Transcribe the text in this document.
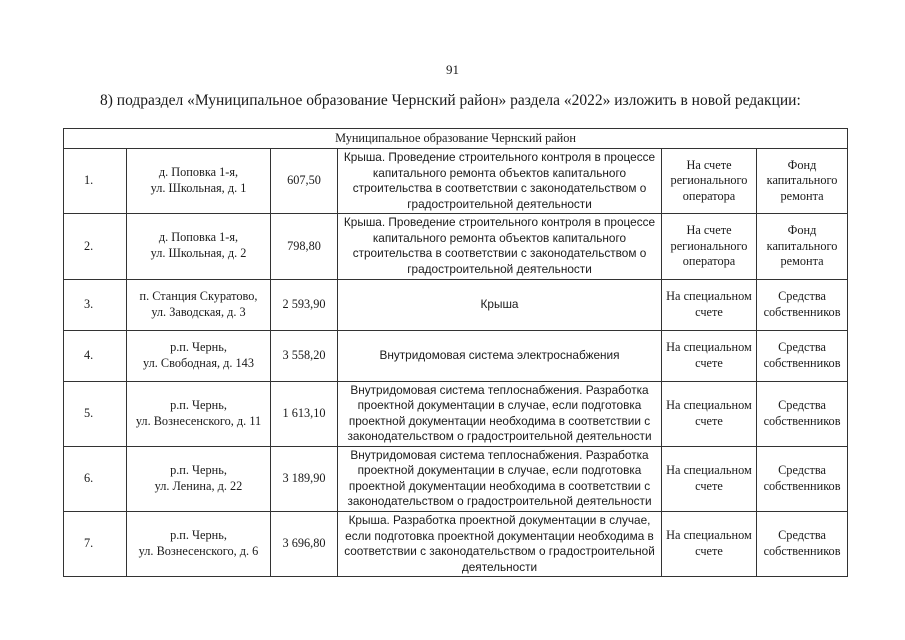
91
8) подраздел «Муниципальное образование Чернский район» раздела «2022» изложить в новой редакции:
Муниципальное образование Чернский район					
1.	д. Поповка 1-я,
ул. Школьная, д. 1	607,50	Крыша. Проведение строительного контроля в процессе капитального ремонта объектов капитального строительства в соответствии с законодательством о градостроительной деятельности	На счете регионального оператора	Фонд капитального ремонта
2.	д. Поповка 1-я,
ул. Школьная, д. 2	798,80	Крыша. Проведение строительного контроля в процессе капитального ремонта объектов капитального строительства в соответствии с законодательством о градостроительной деятельности	На счете регионального оператора	Фонд капитального ремонта
3.	п. Станция Скуратово,
ул. Заводская, д. 3	2 593,90	Крыша	На специальном счете	Средства собственников
4.	р.п. Чернь,
ул. Свободная, д. 143	3 558,20	Внутридомовая система электроснабжения	На специальном счете	Средства собственников
5.	р.п. Чернь,
ул. Вознесенского, д. 11	1 613,10	Внутридомовая система теплоснабжения. Разработка проектной документации в случае, если подготовка проектной документации необходима в соответствии с законодательством о градостроительной деятельности	На специальном счете	Средства собственников
6.	р.п. Чернь,
ул. Ленина, д. 22	3 189,90	Внутридомовая система теплоснабжения. Разработка проектной документации в случае, если подготовка проектной документации необходима в соответствии с законодательством о градостроительной деятельности	На специальном счете	Средства собственников
7.	р.п. Чернь,
ул. Вознесенского, д. 6	3 696,80	Крыша. Разработка проектной документации в случае, если подготовка проектной документации необходима в соответствии с законодательством о градостроительной деятельности	На специальном счете	Средства собственников
